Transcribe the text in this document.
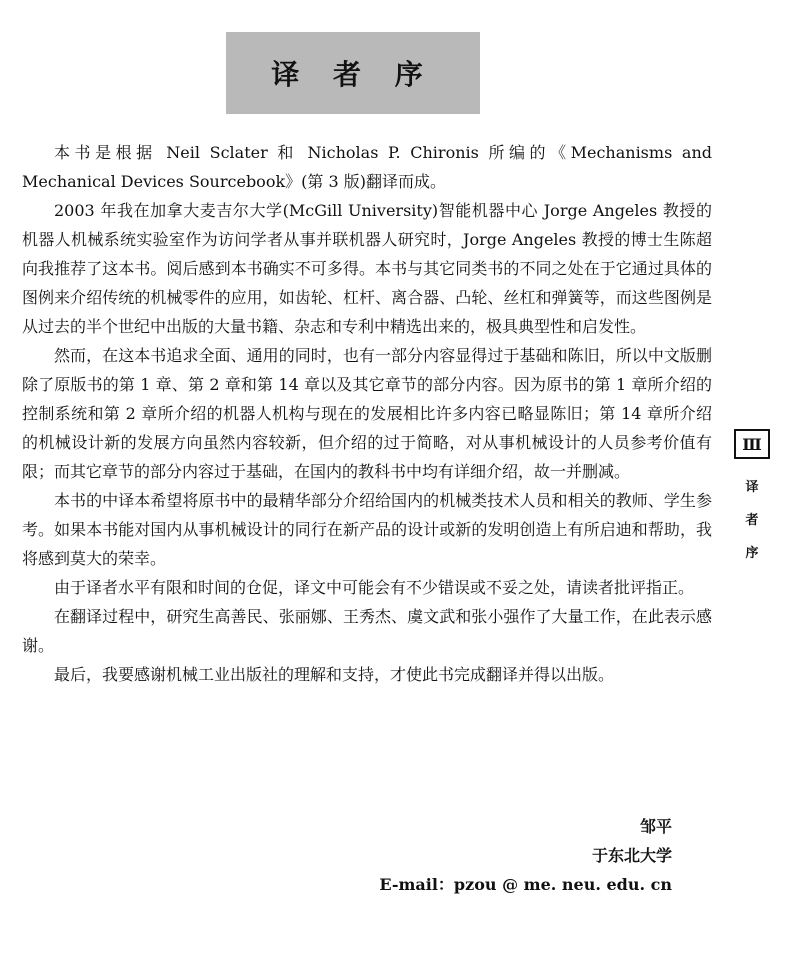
译 者 序

本书是根据 Neil Sclater 和 Nicholas P. Chironis 所编的《Mechanisms and Mechanical Devices Sourcebook》(第 3 版)翻译而成。

2003 年我在加拿大麦吉尔大学(McGill University)智能机器中心 Jorge Angeles 教授的机器人机械系统实验室作为访问学者从事并联机器人研究时，Jorge Angeles 教授的博士生陈超向我推荐了这本书。阅后感到本书确实不可多得。本书与其它同类书的不同之处在于它通过具体的图例来介绍传统的机械零件的应用，如齿轮、杠杆、离合器、凸轮、丝杠和弹簧等，而这些图例是从过去的半个世纪中出版的大量书籍、杂志和专利中精选出来的，极具典型性和启发性。

然而，在这本书追求全面、通用的同时，也有一部分内容显得过于基础和陈旧，所以中文版删除了原版书的第 1 章、第 2 章和第 14 章以及其它章节的部分内容。因为原书的第 1 章所介绍的控制系统和第 2 章所介绍的机器人机构与现在的发展相比许多内容已略显陈旧；第 14 章所介绍的机械设计新的发展方向虽然内容较新，但介绍的过于简略，对从事机械设计的人员参考价值有限；而其它章节的部分内容过于基础，在国内的教科书中均有详细介绍，故一并删减。

本书的中译本希望将原书中的最精华部分介绍给国内的机械类技术人员和相关的教师、学生参考。如果本书能对国内从事机械设计的同行在新产品的设计或新的发明创造上有所启迪和帮助，我将感到莫大的荣幸。

由于译者水平有限和时间的仓促，译文中可能会有不少错误或不妥之处，请读者批评指正。

在翻译过程中，研究生高善民、张丽娜、王秀杰、虞文武和张小强作了大量工作，在此表示感谢。

最后，我要感谢机械工业出版社的理解和支持，才使此书完成翻译并得以出版。

邹平
于东北大学
E-mail：pzou @ me. neu. edu. cn
Ⅲ
译
者
序
